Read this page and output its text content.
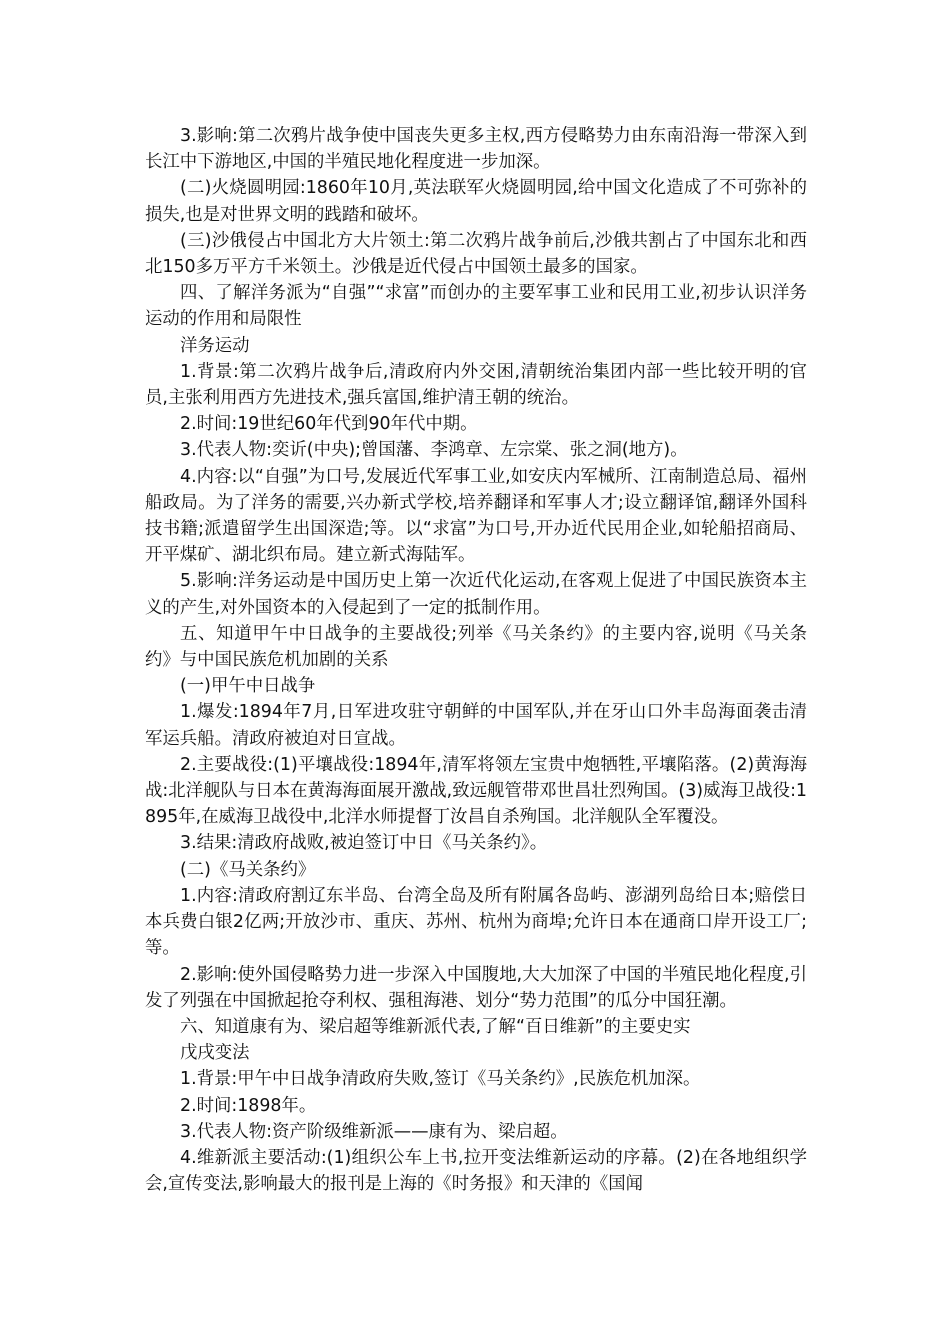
3.影响:第二次鸦片战争使中国丧失更多主权,西方侵略势力由东南沿海一带深入到长江中下游地区,中国的半殖民地化程度进一步加深。

(二)火烧圆明园:1860年10月,英法联军火烧圆明园,给中国文化造成了不可弥补的损失,也是对世界文明的践踏和破坏。

(三)沙俄侵占中国北方大片领土:第二次鸦片战争前后,沙俄共割占了中国东北和西北150多万平方千米领土。沙俄是近代侵占中国领土最多的国家。

四、了解洋务派为“自强”“求富”而创办的主要军事工业和民用工业,初步认识洋务运动的作用和局限性

洋务运动

1.背景:第二次鸦片战争后,清政府内外交困,清朝统治集团内部一些比较开明的官员,主张利用西方先进技术,强兵富国,维护清王朝的统治。

2.时间:19世纪60年代到90年代中期。

3.代表人物:奕䜣(中央);曾国藩、李鸿章、左宗棠、张之洞(地方)。

4.内容:以“自强”为口号,发展近代军事工业,如安庆内军械所、江南制造总局、福州船政局。为了洋务的需要,兴办新式学校,培养翻译和军事人才;设立翻译馆,翻译外国科技书籍;派遣留学生出国深造;等。以“求富”为口号,开办近代民用企业,如轮船招商局、开平煤矿、湖北织布局。建立新式海陆军。

5.影响:洋务运动是中国历史上第一次近代化运动,在客观上促进了中国民族资本主义的产生,对外国资本的入侵起到了一定的抵制作用。

五、知道甲午中日战争的主要战役;列举《马关条约》的主要内容,说明《马关条约》与中国民族危机加剧的关系

(一)甲午中日战争

1.爆发:1894年7月,日军进攻驻守朝鲜的中国军队,并在牙山口外丰岛海面袭击清军运兵船。清政府被迫对日宣战。

2.主要战役:(1)平壤战役:1894年,清军将领左宝贵中炮牺牲,平壤陷落。(2)黄海海战:北洋舰队与日本在黄海海面展开激战,致远舰管带邓世昌壮烈殉国。(3)威海卫战役:1895年,在威海卫战役中,北洋水师提督丁汝昌自杀殉国。北洋舰队全军覆没。

3.结果:清政府战败,被迫签订中日《马关条约》。

(二)《马关条约》

1.内容:清政府割辽东半岛、台湾全岛及所有附属各岛屿、澎湖列岛给日本;赔偿日本兵费白银2亿两;开放沙市、重庆、苏州、杭州为商埠;允许日本在通商口岸开设工厂;等。

2.影响:使外国侵略势力进一步深入中国腹地,大大加深了中国的半殖民地化程度,引发了列强在中国掀起抢夺利权、强租海港、划分“势力范围”的瓜分中国狂潮。

六、知道康有为、梁启超等维新派代表,了解“百日维新”的主要史实

戊戌变法

1.背景:甲午中日战争清政府失败,签订《马关条约》,民族危机加深。

2.时间:1898年。

3.代表人物:资产阶级维新派——康有为、梁启超。

4.维新派主要活动:(1)组织公车上书,拉开变法维新运动的序幕。(2)在各地组织学会,宣传变法,影响最大的报刊是上海的《时务报》和天津的《国闻
